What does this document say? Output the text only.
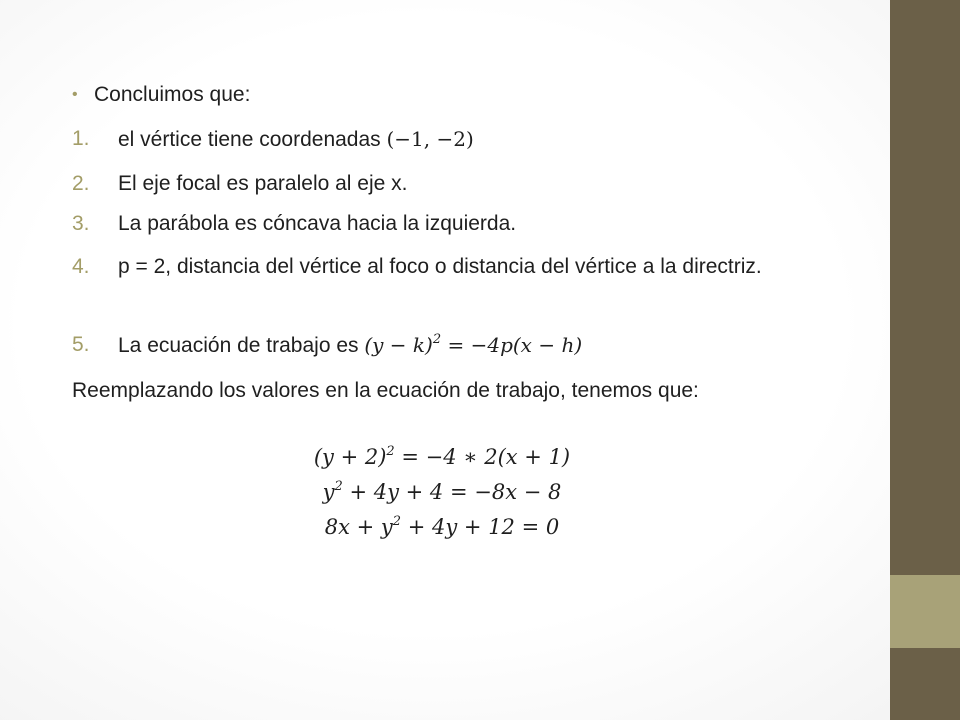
• Concluimos que:
1. el vértice tiene coordenadas (−1, −2)
2. El eje focal es paralelo al eje x.
3. La parábola es cóncava hacia la izquierda.
4. p = 2, distancia del vértice al foco o distancia del vértice a la directriz.
5. La ecuación de trabajo es $(y - k)^2 = -4p(x - h)$
Reemplazando los valores en la ecuación de trabajo, tenemos que:
$(y + 2)^2 = -4$ ∗ 2(x + 1)
$y^2 + 4y + 4 = -8x - 8$
$8x + y^2 + 4y + 12 = 0$
